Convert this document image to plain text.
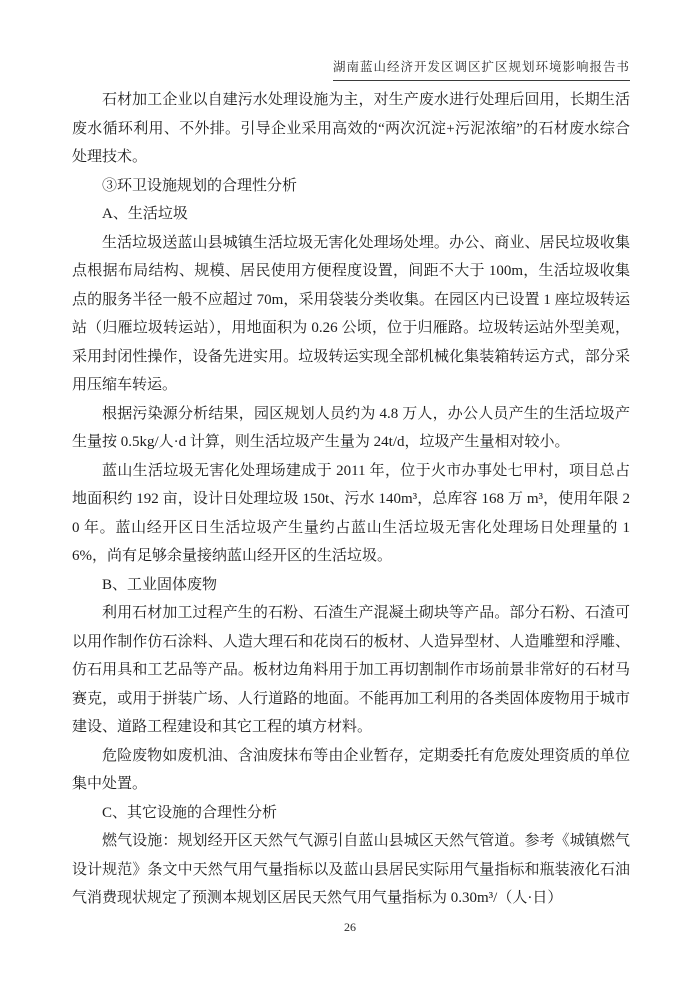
湖南蓝山经济开发区调区扩区规划环境影响报告书

石材加工企业以自建污水处理设施为主，对生产废水进行处理后回用，长期生活废水循环利用、不外排。引导企业采用高效的“两次沉淀+污泥浓缩”的石材废水综合处理技术。

③环卫设施规划的合理性分析

A、生活垃圾

生活垃圾送蓝山县城镇生活垃圾无害化处理场处埋。办公、商业、居民垃圾收集点根据布局结构、规模、居民使用方便程度设置，间距不大于 100m，生活垃圾收集点的服务半径一般不应超过 70m，采用袋装分类收集。在园区内已设置 1 座垃圾转运站（归雁垃圾转运站），用地面积为 0.26 公顷，位于归雁路。垃圾转运站外型美观，采用封闭性操作，设备先进实用。垃圾转运实现全部机械化集装箱转运方式，部分采用压缩车转运。

根据污染源分析结果，园区规划人员约为 4.8 万人，办公人员产生的生活垃圾产生量按 0.5kg/人·d 计算，则生活垃圾产生量为 24t/d，垃圾产生量相对较小。

蓝山生活垃圾无害化处理场建成于 2011 年，位于火市办事处七甲村，项目总占地面积约 192 亩，设计日处理垃圾 150t、污水 140m³，总库容 168 万 m³，使用年限 20 年。蓝山经开区日生活垃圾产生量约占蓝山生活垃圾无害化处理场日处理量的 16%，尚有足够余量接纳蓝山经开区的生活垃圾。

B、工业固体废物

利用石材加工过程产生的石粉、石渣生产混凝土砌块等产品。部分石粉、石渣可以用作制作仿石涂料、人造大理石和花岗石的板材、人造异型材、人造雕塑和浮雕、仿石用具和工艺品等产品。板材边角料用于加工再切割制作市场前景非常好的石材马赛克，或用于拼装广场、人行道路的地面。不能再加工利用的各类固体废物用于城市建设、道路工程建设和其它工程的填方材料。

危险废物如废机油、含油废抹布等由企业暂存，定期委托有危废处理资质的单位集中处置。

C、其它设施的合理性分析

燃气设施：规划经开区天然气气源引自蓝山县城区天然气管道。参考《城镇燃气设计规范》条文中天然气用气量指标以及蓝山县居民实际用气量指标和瓶装液化石油气消费现状规定了预测本规划区居民天然气用气量指标为 0.30m³/（人·日）

26
